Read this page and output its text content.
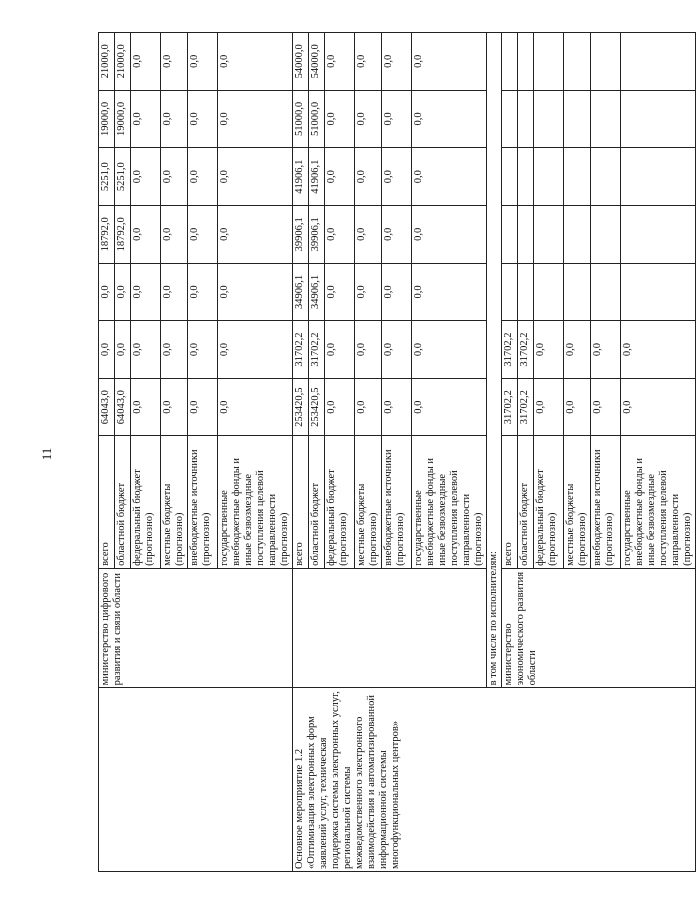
11
	министерство цифрового развития и связи области	всего	64043,0	0,0	0,0	18792,0	5251,0	19000,0	21000,0
		областной бюджет	64043,0	0,0	0,0	18792,0	5251,0	19000,0	21000,0
		федеральный бюджет (прогнозно)	0,0	0,0	0,0	0,0	0,0	0,0	0,0
		местные бюджеты (прогнозно)	0,0	0,0	0,0	0,0	0,0	0,0	0,0
		внебюджетные источники (прогнозно)	0,0	0,0	0,0	0,0	0,0	0,0	0,0
		государственные внебюджетные фонды и иные безвозмездные поступления целевой направленности (прогнозно)	0,0	0,0	0,0	0,0	0,0	0,0	0,0
Основное мероприятие 1.2 «Оптимизация электронных форм заявлений услуг, техническая поддержка системы электронных услуг, региональной системы межведомственного электронного взаимодействия и автоматизированной информационной системы многофункциональных центров»		всего	253420,5	31702,2	34906,1	39906,1	41906,1	51000,0	54000,0
		областной бюджет	253420,5	31702,2	34906,1	39906,1	41906,1	51000,0	54000,0
		федеральный бюджет (прогнозно)	0,0	0,0	0,0	0,0	0,0	0,0	0,0
		местные бюджеты (прогнозно)	0,0	0,0	0,0	0,0	0,0	0,0	0,0
		внебюджетные источники (прогнозно)	0,0	0,0	0,0	0,0	0,0	0,0	0,0
		государственные внебюджетные фонды и иные безвозмездные поступления целевой направленности (прогнозно)	0,0	0,0	0,0	0,0	0,0	0,0	0,0
	в том числе по исполнителям:								
	министерство экономического развития области	всего	31702,2	31702,2					
		областной бюджет	31702,2	31702,2					
		федеральный бюджет (прогнозно)	0,0	0,0					
		местные бюджеты (прогнозно)	0,0	0,0					
		внебюджетные источники (прогнозно)	0,0	0,0					
		государственные внебюджетные фонды и иные безвозмездные поступления целевой направленности (прогнозно)	0,0	0,0					
